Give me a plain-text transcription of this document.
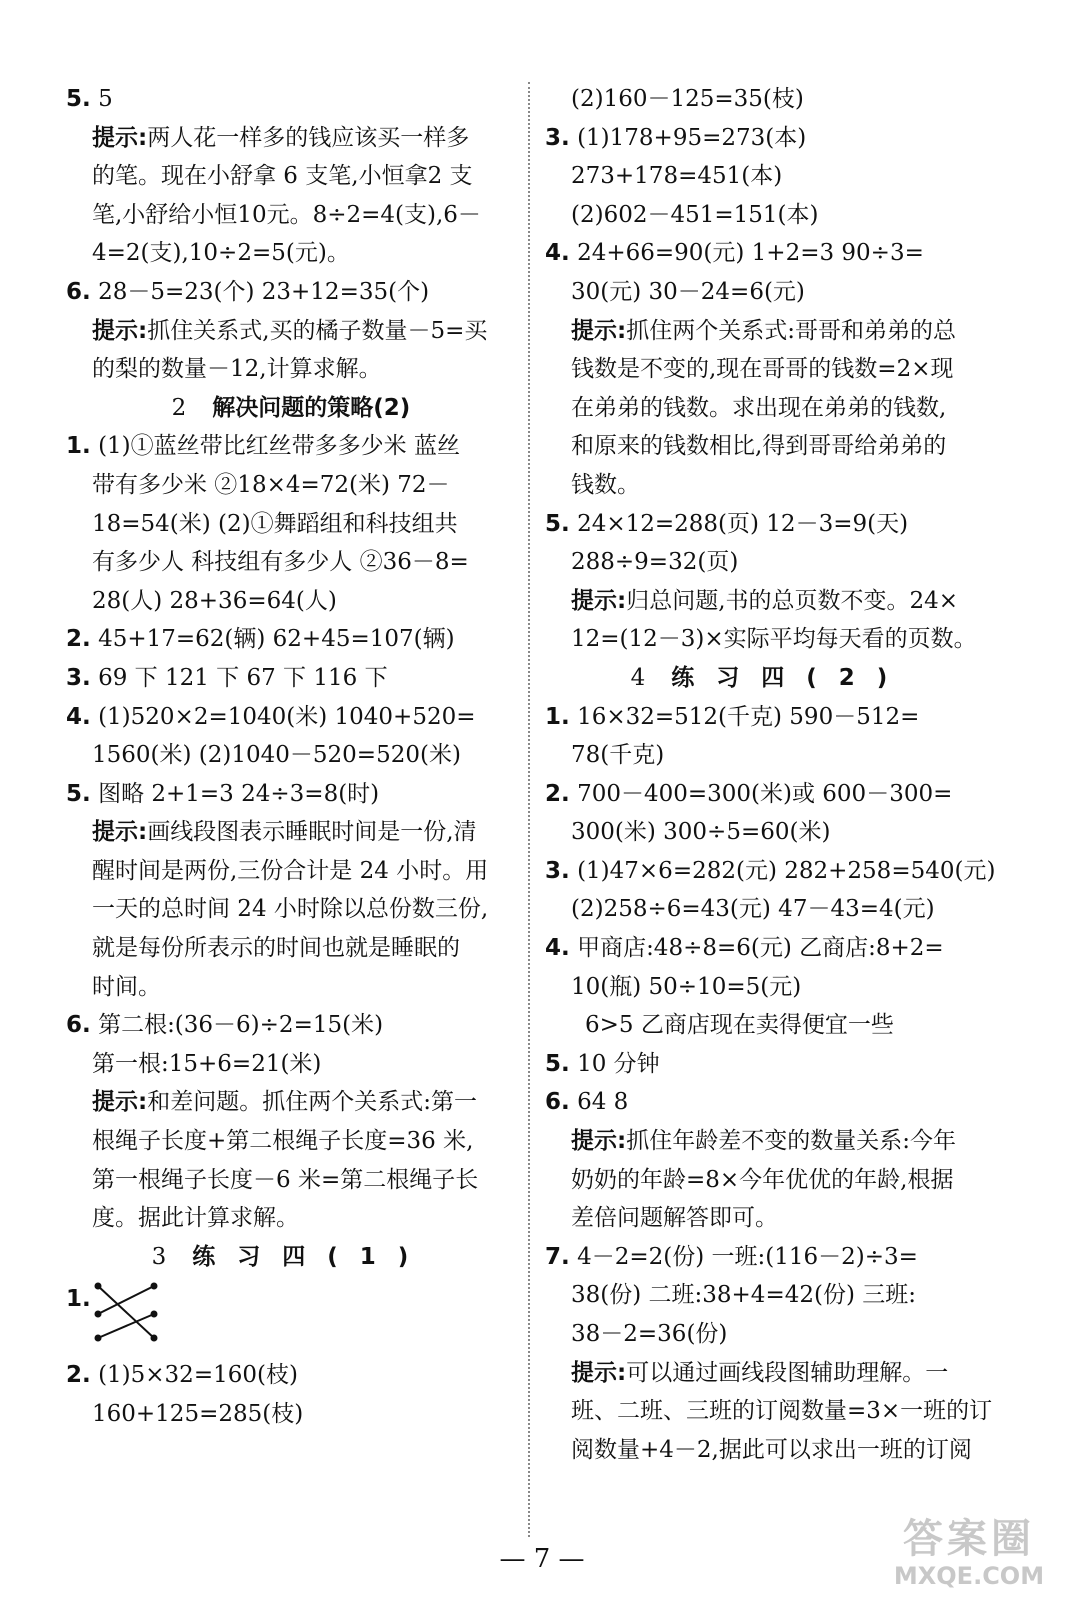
5. 5
提示:两人花一样多的钱应该买一样多
的笔。现在小舒拿 6 支笔,小恒拿2 支
笔,小舒给小恒10元。8÷2=4(支),6－
4=2(支),10÷2=5(元)。
6. 28－5=23(个) 23+12=35(个)
提示:抓住关系式,买的橘子数量－5=买
的梨的数量－12,计算求解。
2 解决问题的策略(2)
1. (1)①蓝丝带比红丝带多多少米 蓝丝
带有多少米 ②18×4=72(米) 72－
18=54(米) (2)①舞蹈组和科技组共
有多少人 科技组有多少人 ②36－8=
28(人) 28+36=64(人)
2. 45+17=62(辆) 62+45=107(辆)
3. 69 下 121 下 67 下 116 下
4. (1)520×2=1040(米) 1040+520=
1560(米) (2)1040－520=520(米)
5. 图略 2+1=3 24÷3=8(时)
提示:画线段图表示睡眠时间是一份,清
醒时间是两份,三份合计是 24 小时。用
一天的总时间 24 小时除以总份数三份,
就是每份所表示的时间也就是睡眠的
时间。
6. 第二根:(36－6)÷2=15(米)
第一根:15+6=21(米)
提示:和差问题。抓住两个关系式:第一
根绳子长度+第二根绳子长度=36 米,
第一根绳子长度－6 米=第二根绳子长
度。据此计算求解。
3 练习四(1)
1.
2. (1)5×32=160(枝)
160+125=285(枝)
(2)160－125=35(枝)
3. (1)178+95=273(本)
273+178=451(本)
(2)602－451=151(本)
4. 24+66=90(元) 1+2=3 90÷3=
30(元) 30－24=6(元)
提示:抓住两个关系式:哥哥和弟弟的总
钱数是不变的,现在哥哥的钱数=2×现
在弟弟的钱数。求出现在弟弟的钱数,
和原来的钱数相比,得到哥哥给弟弟的
钱数。
5. 24×12=288(页) 12－3=9(天)
288÷9=32(页)
提示:归总问题,书的总页数不变。24×
12=(12－3)×实际平均每天看的页数。
4 练习四(2)
1. 16×32=512(千克) 590－512=
78(千克)
2. 700－400=300(米)或 600－300=
300(米) 300÷5=60(米)
3. (1)47×6=282(元) 282+258=540(元)
(2)258÷6=43(元) 47－43=4(元)
4. 甲商店:48÷8=6(元) 乙商店:8+2=
10(瓶) 50÷10=5(元)
6>5 乙商店现在卖得便宜一些
5. 10 分钟
6. 64 8
提示:抓住年龄差不变的数量关系:今年
奶奶的年龄=8×今年优优的年龄,根据
差倍问题解答即可。
7. 4－2=2(份) 一班:(116－2)÷3=
38(份) 二班:38+4=42(份) 三班:
38－2=36(份)
提示:可以通过画线段图辅助理解。一
班、二班、三班的订阅数量=3×一班的订
阅数量+4－2,据此可以求出一班的订阅
— 7 —	答案圈
MXQE.COM
